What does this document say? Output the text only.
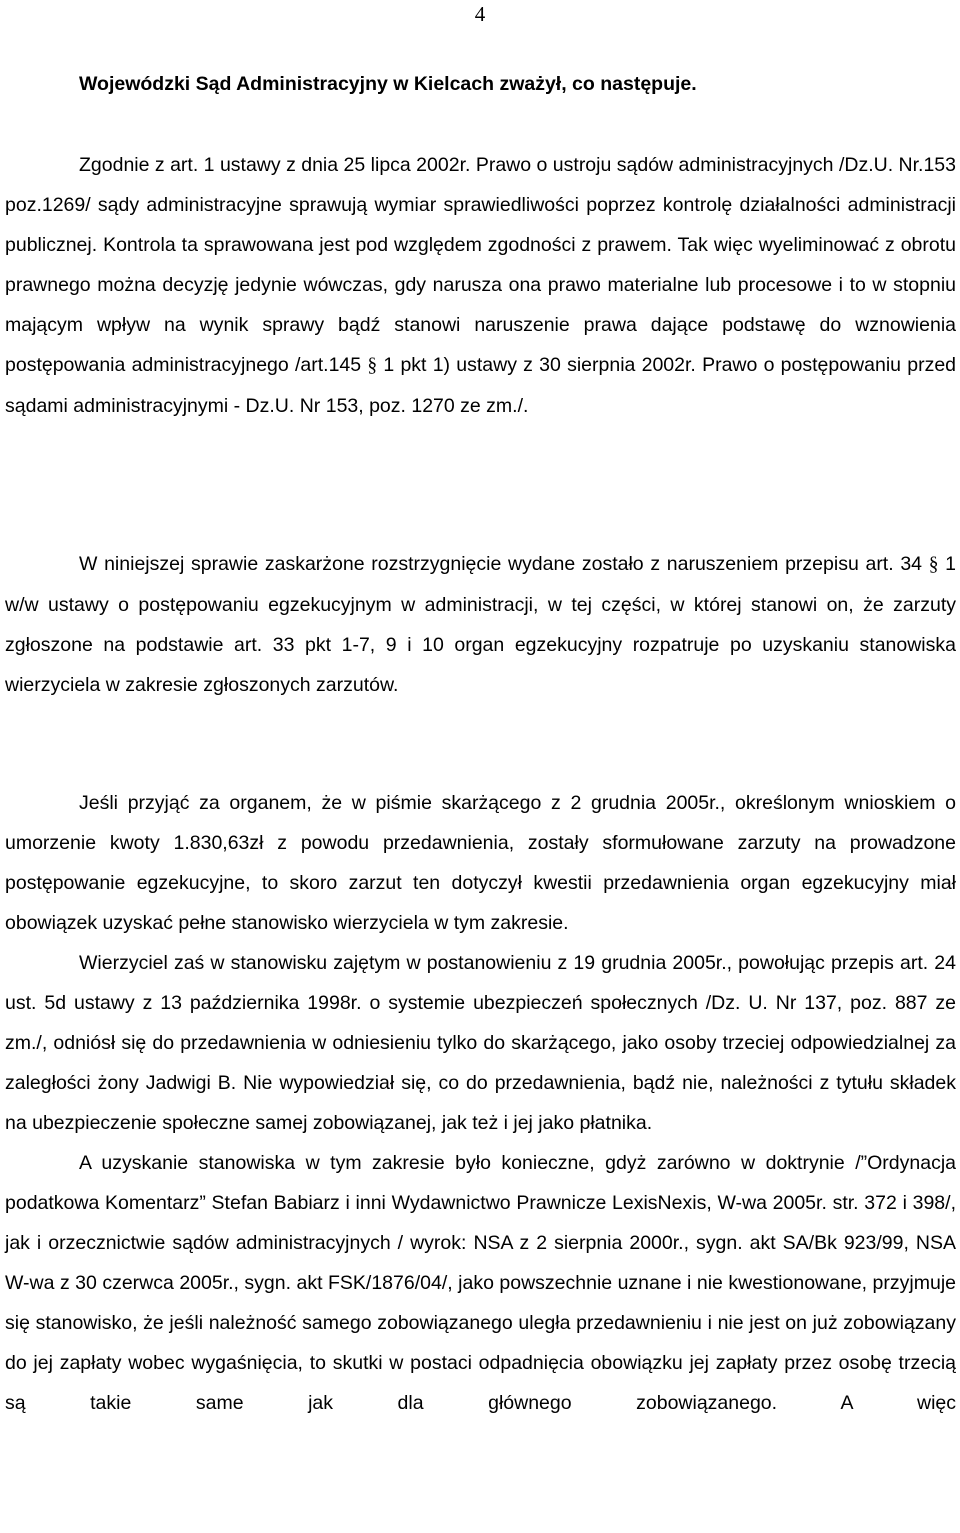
4
Wojewódzki Sąd Administracyjny w Kielcach zważył, co następuje.

Zgodnie z art. 1 ustawy z dnia 25 lipca 2002r. Prawo o ustroju sądów administracyjnych /Dz.U. Nr.153 poz.1269/ sądy administracyjne sprawują wymiar sprawiedliwości poprzez kontrolę działalności administracji publicznej. Kontrola ta sprawowana jest pod względem zgodności z prawem. Tak więc wyeliminować z obrotu prawnego można decyzję jedynie wówczas, gdy narusza ona prawo materialne lub procesowe i to w stopniu mającym wpływ na wynik sprawy bądź stanowi naruszenie prawa dające podstawę do wznowienia postępowania administracyjnego /art.145 § 1 pkt 1) ustawy z 30 sierpnia 2002r. Prawo o postępowaniu przed sądami administracyjnymi - Dz.U. Nr 153, poz. 1270 ze zm./.

W niniejszej sprawie zaskarżone rozstrzygnięcie wydane zostało z naruszeniem przepisu art. 34 § 1 w/w ustawy o postępowaniu egzekucyjnym w administracji, w tej części, w której stanowi on, że zarzuty zgłoszone na podstawie art. 33 pkt 1-7, 9 i 10 organ egzekucyjny rozpatruje po uzyskaniu stanowiska wierzyciela w zakresie zgłoszonych zarzutów.

Jeśli przyjąć za organem, że w piśmie skarżącego z 2 grudnia 2005r., określonym wnioskiem o umorzenie kwoty 1.830,63zł z powodu przedawnienia, zostały sformułowane zarzuty na prowadzone postępowanie egzekucyjne, to skoro zarzut ten dotyczył kwestii przedawnienia organ egzekucyjny miał obowiązek uzyskać pełne stanowisko wierzyciela w tym zakresie.

Wierzyciel zaś w stanowisku zajętym w postanowieniu z 19 grudnia 2005r., powołując przepis art. 24 ust. 5d ustawy z 13 października 1998r. o systemie ubezpieczeń społecznych /Dz. U. Nr 137, poz. 887 ze zm./, odniósł się do przedawnienia w odniesieniu tylko do skarżącego, jako osoby trzeciej odpowiedzialnej za zaległości żony Jadwigi B. Nie wypowiedział się, co do przedawnienia, bądź nie, należności z tytułu składek na ubezpieczenie społeczne samej zobowiązanej, jak też i jej jako płatnika.

A uzyskanie stanowiska w tym zakresie było konieczne, gdyż zarówno w doktrynie /”Ordynacja podatkowa Komentarz” Stefan Babiarz i inni Wydawnictwo Prawnicze LexisNexis, W-wa 2005r. str. 372 i 398/, jak i orzecznictwie sądów administracyjnych / wyrok: NSA z 2 sierpnia 2000r., sygn. akt SA/Bk 923/99, NSA W-wa z 30 czerwca 2005r., sygn. akt FSK/1876/04/, jako powszechnie uznane i nie kwestionowane, przyjmuje się stanowisko, że jeśli należność samego zobowiązanego uległa przedawnieniu i nie jest on już zobowiązany do jej zapłaty wobec wygaśnięcia, to skutki w postaci odpadnięcia obowiązku jej zapłaty przez osobę trzecią są takie same jak dla głównego zobowiązanego. A więc
